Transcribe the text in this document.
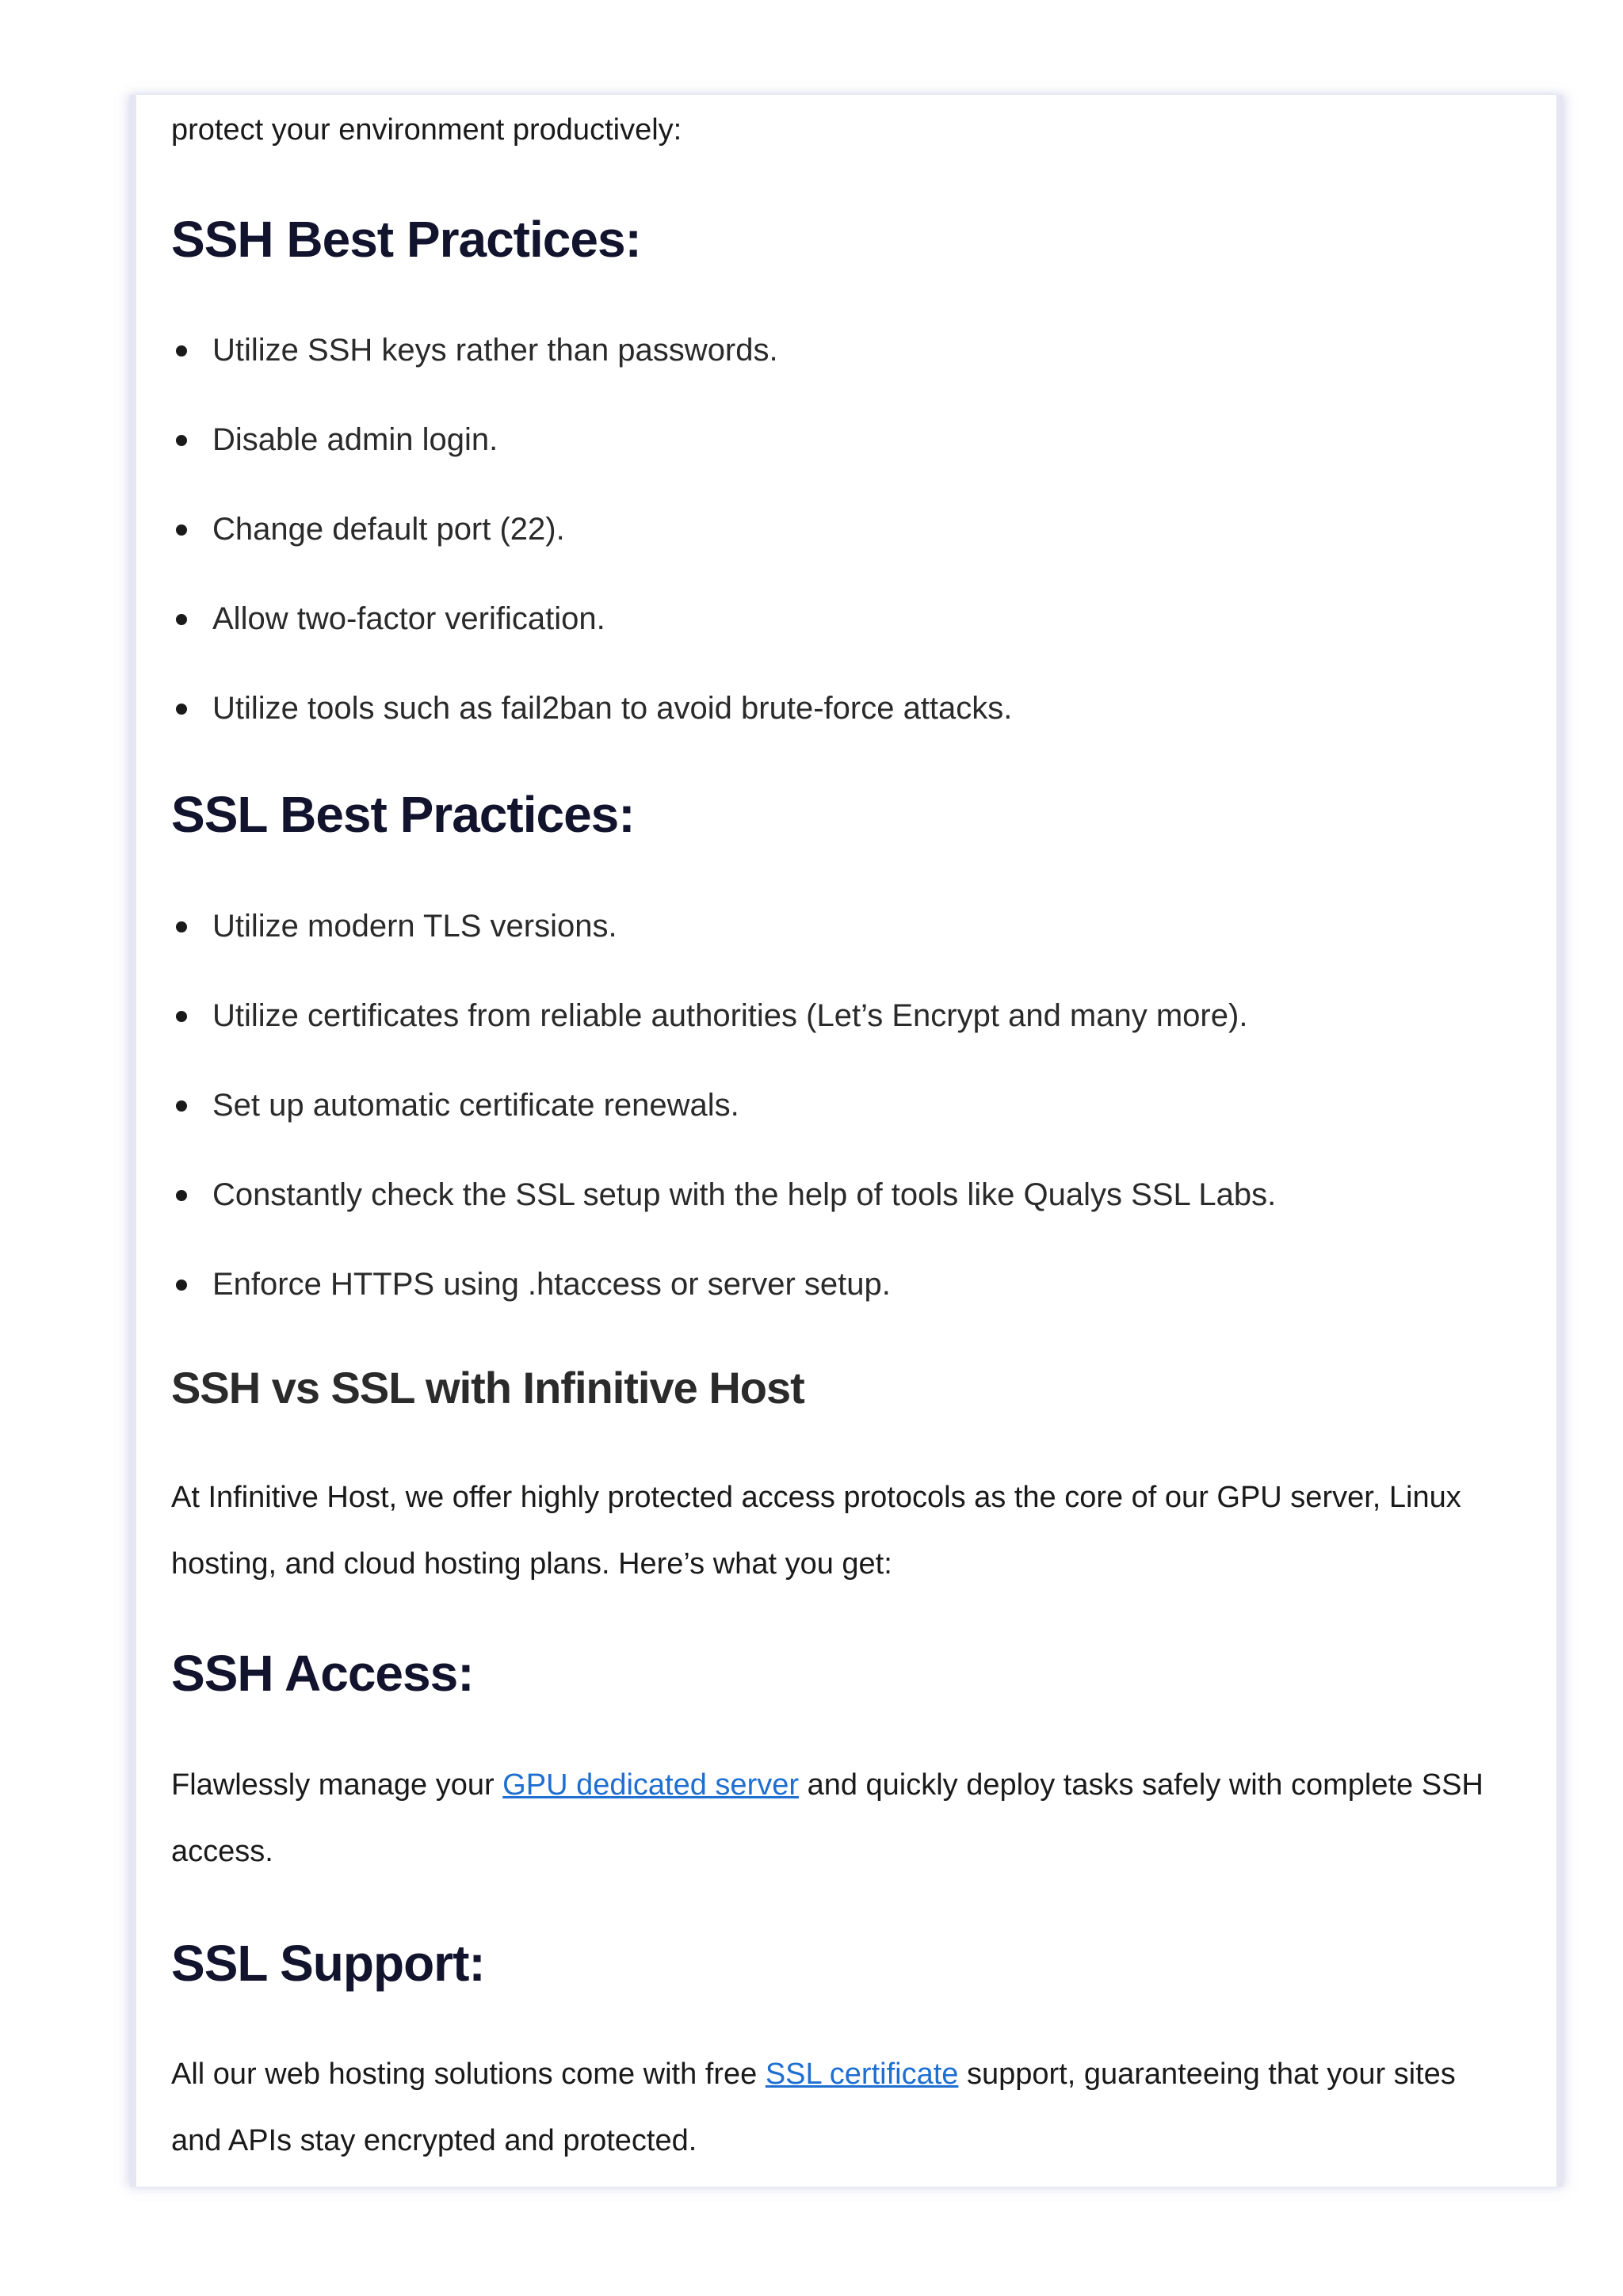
protect your environment productively:

SSH Best Practices:
Utilize SSH keys rather than passwords.
Disable admin login.
Change default port (22).
Allow two-factor verification.
Utilize tools such as fail2ban to avoid brute-force attacks.
SSL Best Practices:
Utilize modern TLS versions.
Utilize certificates from reliable authorities (Let’s Encrypt and many more).
Set up automatic certificate renewals.
Constantly check the SSL setup with the help of tools like Qualys SSL Labs.
Enforce HTTPS using .htaccess or server setup.
SSH vs SSL with Infinitive Host

At Infinitive Host, we offer highly protected access protocols as the core of our GPU server, Linux hosting, and cloud hosting plans. Here’s what you get:

SSH Access:

Flawlessly manage your GPU dedicated server and quickly deploy tasks safely with complete SSH access.

SSL Support:

All our web hosting solutions come with free SSL certificate support, guaranteeing that your sites and APIs stay encrypted and protected.
